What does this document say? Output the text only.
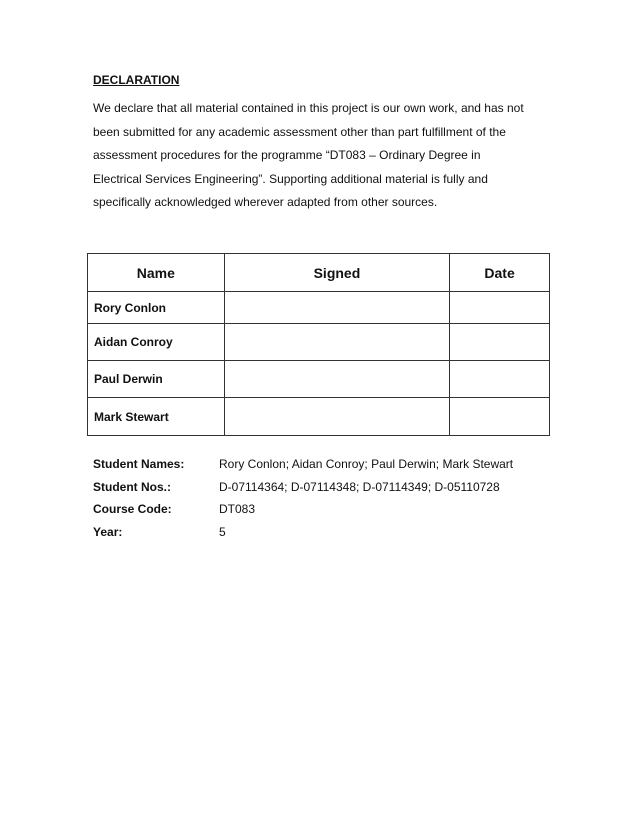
DECLARATION

We declare that all material contained in this project is our own work, and has not
been submitted for any academic assessment other than part fulfillment of the
assessment procedures for the programme “DT083 – Ordinary Degree in
Electrical Services Engineering”. Supporting additional material is fully and
specifically acknowledged wherever adapted from other sources.

Name	Signed	Date
Rory Conlon		
Aidan Conroy		
Paul Derwin		
Mark Stewart		
Student Names:	Rory Conlon; Aidan Conroy; Paul Derwin; Mark Stewart
Student Nos.:	D-07114364; D-07114348; D-07114349; D-05110728
Course Code:	DT083
Year:	5
